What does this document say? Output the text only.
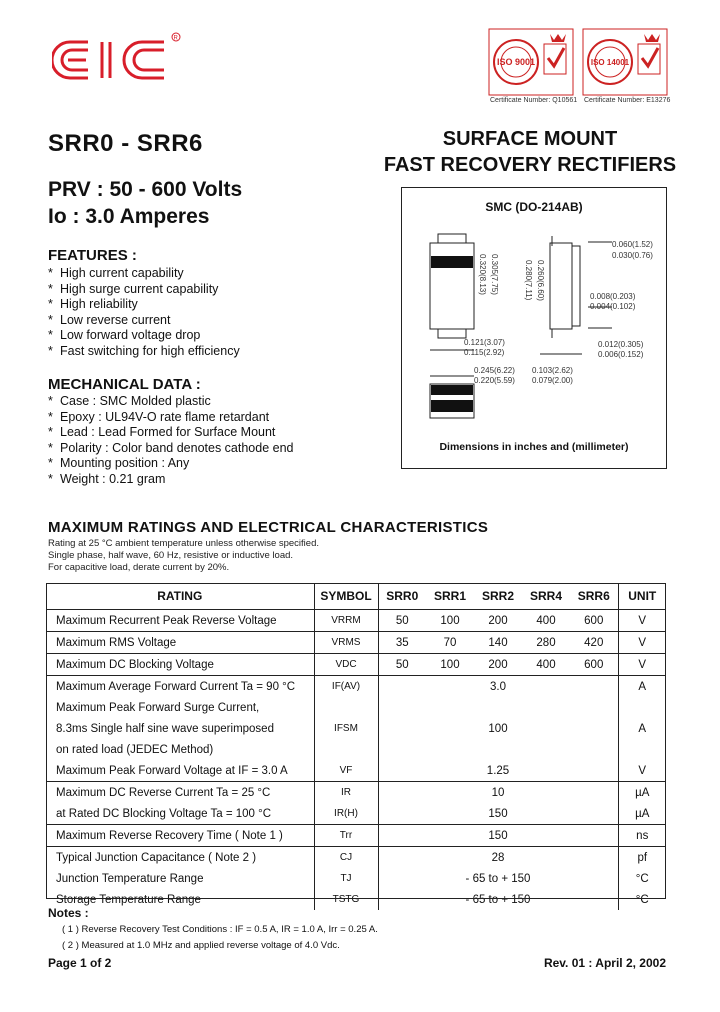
R
ISO 9001
Certificate Number: Q10561
ISO 14001
Certificate Number: E13276
SRR0 - SRR6	SURFACE MOUNT
FAST RECOVERY RECTIFIERS
PRV : 50 - 600 Volts
Io : 3.0 Amperes
FEATURES :
* High current capability
* High surge current capability
* High reliability
* Low reverse current
* Low forward voltage drop
* Fast switching for high efficiency
MECHANICAL DATA :
* Case : SMC Molded plastic
* Epoxy : UL94V-O rate flame retardant
* Lead : Lead Formed for Surface Mount
* Polarity : Color band denotes cathode end
* Mounting position : Any
* Weight : 0.21 gram
SMC (DO-214AB)
0.060(1.52)
0.030(0.76)
0.320(8.13) 0.305(7.75)	0.280(7.11) 0.260(6.60)	0.008(0.203)
0.004(0.102)
0.121(3.07)
0.115(2.92)
0.012(0.305)
0.006(0.152)
0.245(6.22)
0.220(5.59)
0.103(2.62)
0.079(2.00)
Dimensions in inches and (millimeter)
MAXIMUM RATINGS AND ELECTRICAL CHARACTERISTICS
Rating at 25 °C ambient temperature unless otherwise specified.
Single phase, half wave, 60 Hz, resistive or inductive load.
For capacitive load, derate current by 20%.
RATING	SYMBOL	SRR0	SRR1	SRR2	SRR4	SRR6	UNIT
Maximum Recurrent Peak Reverse Voltage	VRRM	50	100	200	400	600	V
Maximum RMS Voltage	VRMS	35	70	140	280	420	V
Maximum DC Blocking Voltage	VDC	50	100	200	400	600	V
Maximum Average Forward Current Ta = 90 °C	IF(AV)	3.0					A
Maximum Peak Forward Surge Current,							
8.3ms Single half sine wave superimposed	IFSM	100					A
on rated load (JEDEC Method)							
Maximum Peak Forward Voltage at IF = 3.0 A	VF	1.25					V
Maximum DC Reverse Current Ta = 25 °C	IR	10					µA
at Rated DC Blocking Voltage Ta = 100 °C	IR(H)	150					µA
Maximum Reverse Recovery Time ( Note 1 )	Trr	150					ns
Typical Junction Capacitance ( Note 2 )	CJ	28					pf
Junction Temperature Range	TJ	- 65 to + 150					°C
Storage Temperature Range	TSTG	- 65 to + 150					°C
Notes :
( 1 ) Reverse Recovery Test Conditions : IF = 0.5 A, IR = 1.0 A, Irr = 0.25 A.
( 2 ) Measured at 1.0 MHz and applied reverse voltage of 4.0 Vdc.
Page 1 of 2	Rev. 01 : April 2, 2002
